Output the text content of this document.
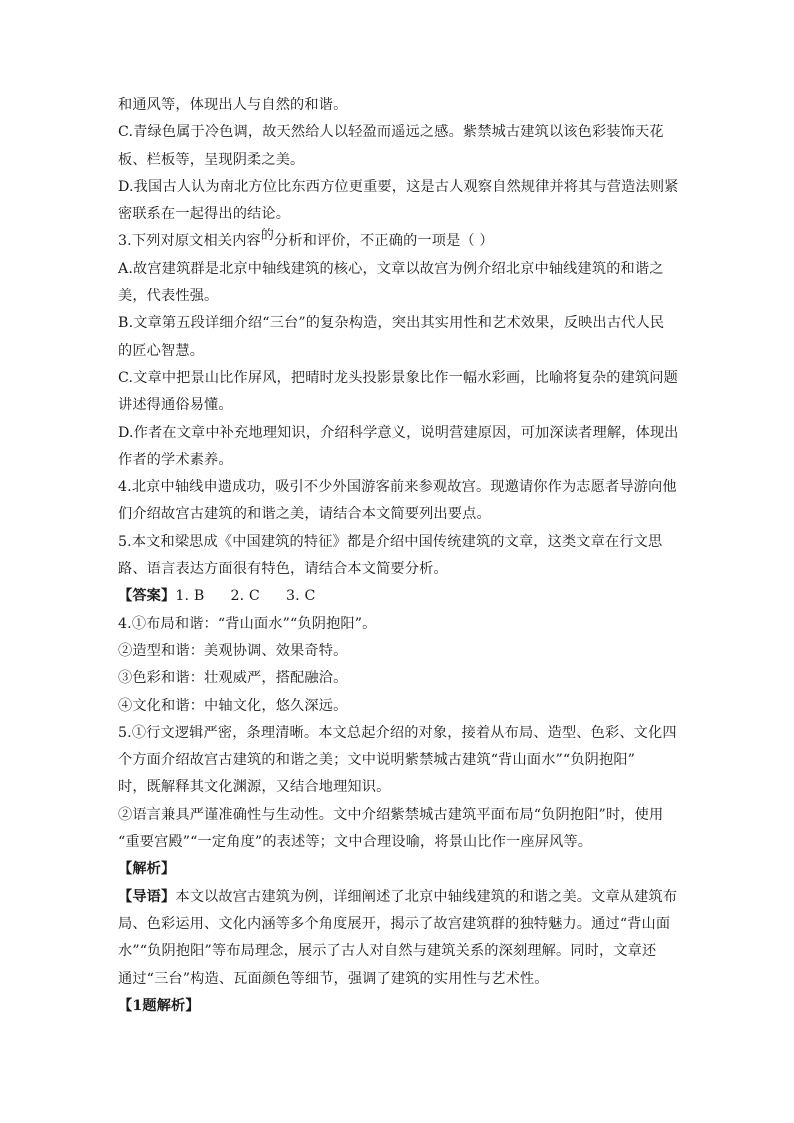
和通风等，体现出人与自然的和谐。
C.青绿色属于冷色调，故天然给人以轻盈而遥远之感。紫禁城古建筑以该色彩装饰天花
板、栏板等，呈现阴柔之美。
D.我国古人认为南北方位比东西方位更重要，这是古人观察自然规律并将其与营造法则紧
密联系在一起得出的结论。
3.下列对原文相关内容的分析和评价，不正确的一项是（ ）
A.故宫建筑群是北京中轴线建筑的核心，文章以故宫为例介绍北京中轴线建筑的和谐之
美，代表性强。
B.文章第五段详细介绍“三台”的复杂构造，突出其实用性和艺术效果，反映出古代人民
的匠心智慧。
C.文章中把景山比作屏风，把晴时龙头投影景象比作一幅水彩画，比喻将复杂的建筑问题
讲述得通俗易懂。
D.作者在文章中补充地理知识，介绍科学意义，说明营建原因，可加深读者理解，体现出
作者的学术素养。
4.北京中轴线申遗成功，吸引不少外国游客前来参观故宫。现邀请你作为志愿者导游向他
们介绍故宫古建筑的和谐之美，请结合本文简要列出要点。
5.本文和梁思成《中国建筑的特征》都是介绍中国传统建筑的文章，这类文章在行文思
路、语言表达方面很有特色，请结合本文简要分析。
【答案】1. B 2. C 3. C
4.①布局和谐：“背山面水”“负阴抱阳”。
②造型和谐：美观协调、效果奇特。
③色彩和谐：壮观威严，搭配融洽。
④文化和谐：中轴文化，悠久深远。
5.①行文逻辑严密，条理清晰。本文总起介绍的对象，接着从布局、造型、色彩、文化四
个方面介绍故宫古建筑的和谐之美；文中说明紫禁城古建筑“背山面水”“负阴抱阳”
时，既解释其文化渊源，又结合地理知识。
②语言兼具严谨准确性与生动性。文中介绍紫禁城古建筑平面布局“负阴抱阳”时，使用
“重要宫殿”“一定角度”的表述等；文中合理设喻，将景山比作一座屏风等。
【解析】
【导语】本文以故宫古建筑为例，详细阐述了北京中轴线建筑的和谐之美。文章从建筑布
局、色彩运用、文化内涵等多个角度展开，揭示了故宫建筑群的独特魅力。通过“背山面
水”“负阴抱阳”等布局理念，展示了古人对自然与建筑关系的深刻理解。同时，文章还
通过“三台”构造、瓦面颜色等细节，强调了建筑的实用性与艺术性。
【1题解析】
